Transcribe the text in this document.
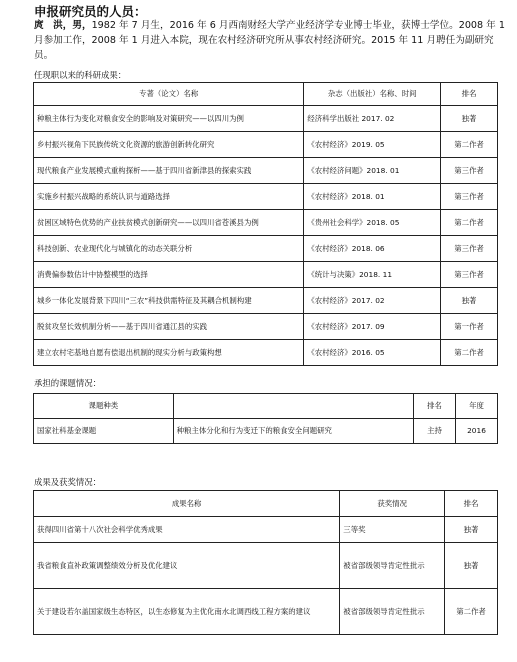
申报研究员的人员：
庹　洪，男，1982 年 7 月生，2016 年 6 月西南财经大学产业经济学专业博士毕业，获博士学位。2008 年 1 月参加工作，2008 年 1 月进入本院，现在农村经济研究所从事农村经济研究。2015 年 11 月聘任为副研究员。
任现职以来的科研成果：
专著（论文）名称	杂志（出版社）名称、时间	排名
种粮主体行为变化对粮食安全的影响及对策研究——以四川为例	经济科学出版社 2017. 02	独著
乡村振兴视角下民族传统文化资源的旅游创新转化研究	《农村经济》2019. 05	第二作者
现代粮食产业发展模式重构探析——基于四川省新津县的探索实践	《农村经济问题》2018. 01	第三作者
实施乡村振兴战略的系统认识与道路选择	《农村经济》2018. 01	第三作者
贫困区域特色优势的产业扶贫模式创新研究——以四川省苍溪县为例	《贵州社会科学》2018. 05	第二作者
科技创新、农业现代化与城镇化的动态关联分析	《农村经济》2018. 06	第三作者
消费偏参数估计中协整模型的选择	《统计与决策》2018. 11	第三作者
城乡一体化发展背景下四川“三农”科技供需特征及其耦合机制构建	《农村经济》2017. 02	独著
脱贫攻坚长效机制分析——基于四川省通江县的实践	《农村经济》2017. 09	第一作者
建立农村宅基地自愿有偿退出机制的现实分析与政策构想	《农村经济》2016. 05	第二作者
承担的课题情况：
课题种类		排名	年度
国家社科基金课题	种粮主体分化和行为变迁下的粮食安全问题研究	主持	2016
成果及获奖情况：
成果名称	获奖情况	排名
获得四川省第十八次社会科学优秀成果	三等奖	独著
我省粮食直补政策调整绩效分析及优化建议	被省部级领导肯定性批示	独著
关于建设若尔盖国家级生态特区，以生态修复为主优化南水北调西线工程方案的建议	被省部级领导肯定性批示	第二作者
